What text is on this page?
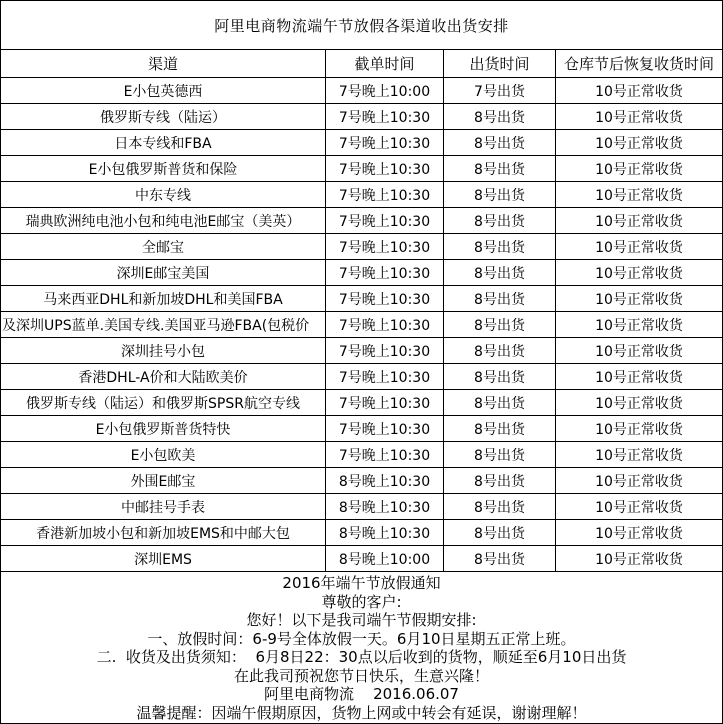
阿里电商物流端午节放假各渠道收出货安排
渠道	截单时间	出货时间	仓库节后恢复收货时间
E小包英德西	7号晚上10:00	7号出货	10号正常收货
俄罗斯专线（陆运）	7号晚上10:30	8号出货	10号正常收货
日本专线和FBA	7号晚上10:30	8号出货	10号正常收货
E小包俄罗斯普货和保险	7号晚上10:30	8号出货	10号正常收货
中东专线	7号晚上10:30	8号出货	10号正常收货
瑞典欧洲纯电池小包和纯电池E邮宝（美英）	7号晚上10:30	8号出货	10号正常收货
全邮宝	7号晚上10:30	8号出货	10号正常收货
深圳E邮宝美国	7号晚上10:30	8号出货	10号正常收货
马来西亚DHL和新加坡DHL和美国FBA	7号晚上10:30	8号出货	10号正常收货
及深圳UPS蓝单.美国专线.美国亚马逊FBA(包税价	7号晚上10:30	8号出货	10号正常收货
深圳挂号小包	7号晚上10:30	8号出货	10号正常收货
香港DHL-A价和大陆欧美价	7号晚上10:30	8号出货	10号正常收货
俄罗斯专线（陆运）和俄罗斯SPSR航空专线	7号晚上10:30	8号出货	10号正常收货
E小包俄罗斯普货特快	7号晚上10:30	8号出货	10号正常收货
E小包欧美	7号晚上10:30	8号出货	10号正常收货
外围E邮宝	8号晚上10:30	8号出货	10号正常收货
中邮挂号手表	8号晚上10:30	8号出货	10号正常收货
香港新加坡小包和新加坡EMS和中邮大包	8号晚上10:30	8号出货	10号正常收货
深圳EMS	8号晚上10:00	8号出货	10号正常收货
2016年端午节放假通知
尊敬的客户:
您好！以下是我司端午节假期安排:
一、放假时间：6-9号全体放假一天。6月10日星期五正常上班。
二.  收货及出货须知：  6月8日22：30点以后收到的货物，顺延至6月10日出货
在此我司预祝您节日快乐，生意兴隆！
阿里电商物流    2016.06.07
温馨提醒：因端午假期原因，货物上网或中转会有延误，谢谢理解！
